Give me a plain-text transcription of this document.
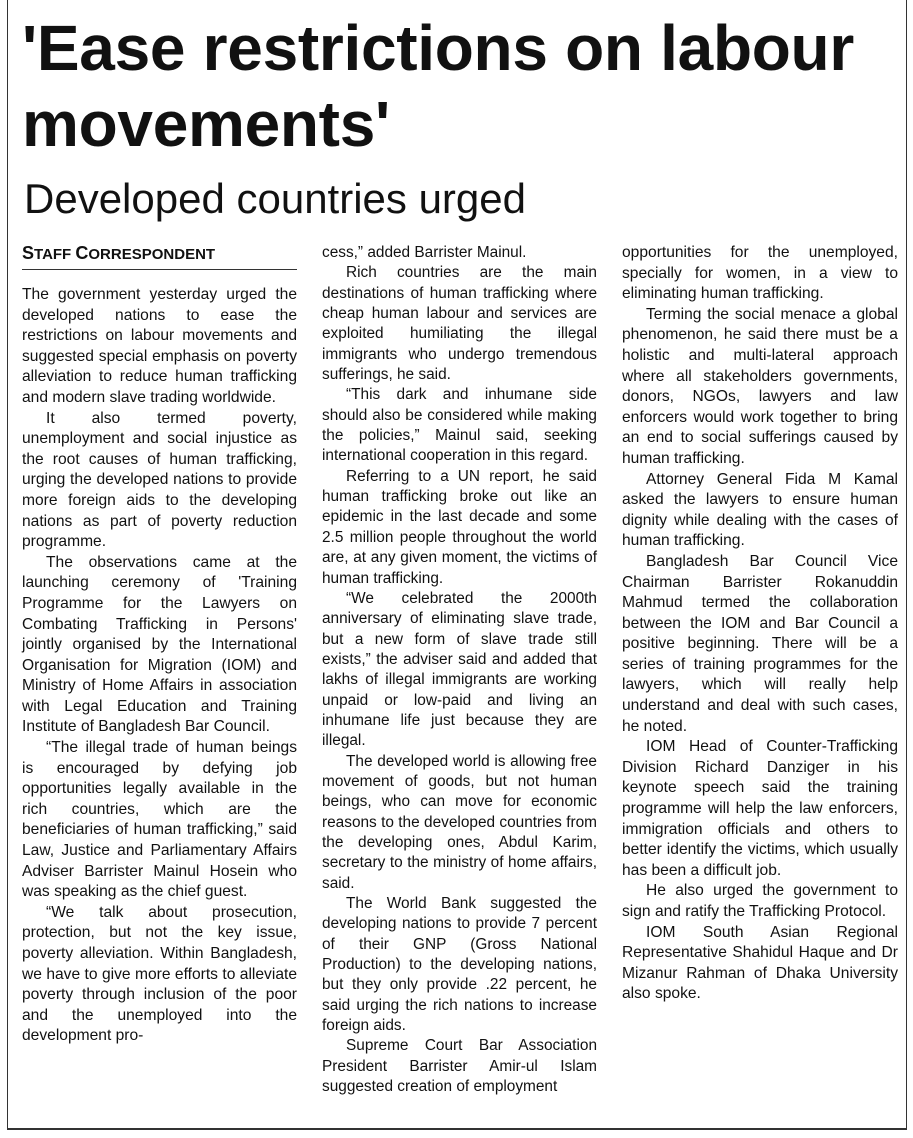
'Ease restrictions on labour movements'
Developed countries urged
STAFF CORRESPONDENT

The government yesterday urged the developed nations to ease the restrictions on labour movements and suggested special emphasis on poverty alleviation to reduce human trafficking and modern slave trading worldwide.

It also termed poverty, unemployment and social injustice as the root causes of human trafficking, urging the developed nations to provide more foreign aids to the developing nations as part of poverty reduction programme.

The observations came at the launching ceremony of 'Training Programme for the Lawyers on Combating Trafficking in Persons' jointly organised by the International Organisation for Migration (IOM) and Ministry of Home Affairs in association with Legal Education and Training Institute of Bangladesh Bar Council.

“The illegal trade of human beings is encouraged by defying job opportunities legally available in the rich countries, which are the beneficiaries of human trafficking,” said Law, Justice and Parliamentary Affairs Adviser Barrister Mainul Hosein who was speaking as the chief guest.

“We talk about prosecution, protection, but not the key issue, poverty alleviation. Within Bangladesh, we have to give more efforts to alleviate poverty through inclusion of the poor and the unemployed into the development pro-

cess,” added Barrister Mainul.

Rich countries are the main destinations of human trafficking where cheap human labour and services are exploited humiliating the illegal immigrants who undergo tremendous sufferings, he said.

“This dark and inhumane side should also be considered while making the policies,” Mainul said, seeking international cooperation in this regard.

Referring to a UN report, he said human trafficking broke out like an epidemic in the last decade and some 2.5 million people throughout the world are, at any given moment, the victims of human trafficking.

“We celebrated the 2000th anniversary of eliminating slave trade, but a new form of slave trade still exists,” the adviser said and added that lakhs of illegal immigrants are working unpaid or low-paid and living an inhumane life just because they are illegal.

The developed world is allowing free movement of goods, but not human beings, who can move for economic reasons to the developed countries from the developing ones, Abdul Karim, secretary to the ministry of home affairs, said.

The World Bank suggested the developing nations to provide 7 percent of their GNP (Gross National Production) to the developing nations, but they only provide .22 percent, he said urging the rich nations to increase foreign aids.

Supreme Court Bar Association President Barrister Amir-ul Islam suggested creation of employment

opportunities for the unemployed, specially for women, in a view to eliminating human trafficking.

Terming the social menace a global phenomenon, he said there must be a holistic and multi-lateral approach where all stakeholders governments, donors, NGOs, lawyers and law enforcers would work together to bring an end to social sufferings caused by human trafficking.

Attorney General Fida M Kamal asked the lawyers to ensure human dignity while dealing with the cases of human trafficking.

Bangladesh Bar Council Vice Chairman Barrister Rokanuddin Mahmud termed the collaboration between the IOM and Bar Council a positive beginning. There will be a series of training programmes for the lawyers, which will really help understand and deal with such cases, he noted.

IOM Head of Counter-Trafficking Division Richard Danziger in his keynote speech said the training programme will help the law enforcers, immigration officials and others to better identify the victims, which usually has been a difficult job.

He also urged the government to sign and ratify the Trafficking Protocol.

IOM South Asian Regional Representative Shahidul Haque and Dr Mizanur Rahman of Dhaka University also spoke.
